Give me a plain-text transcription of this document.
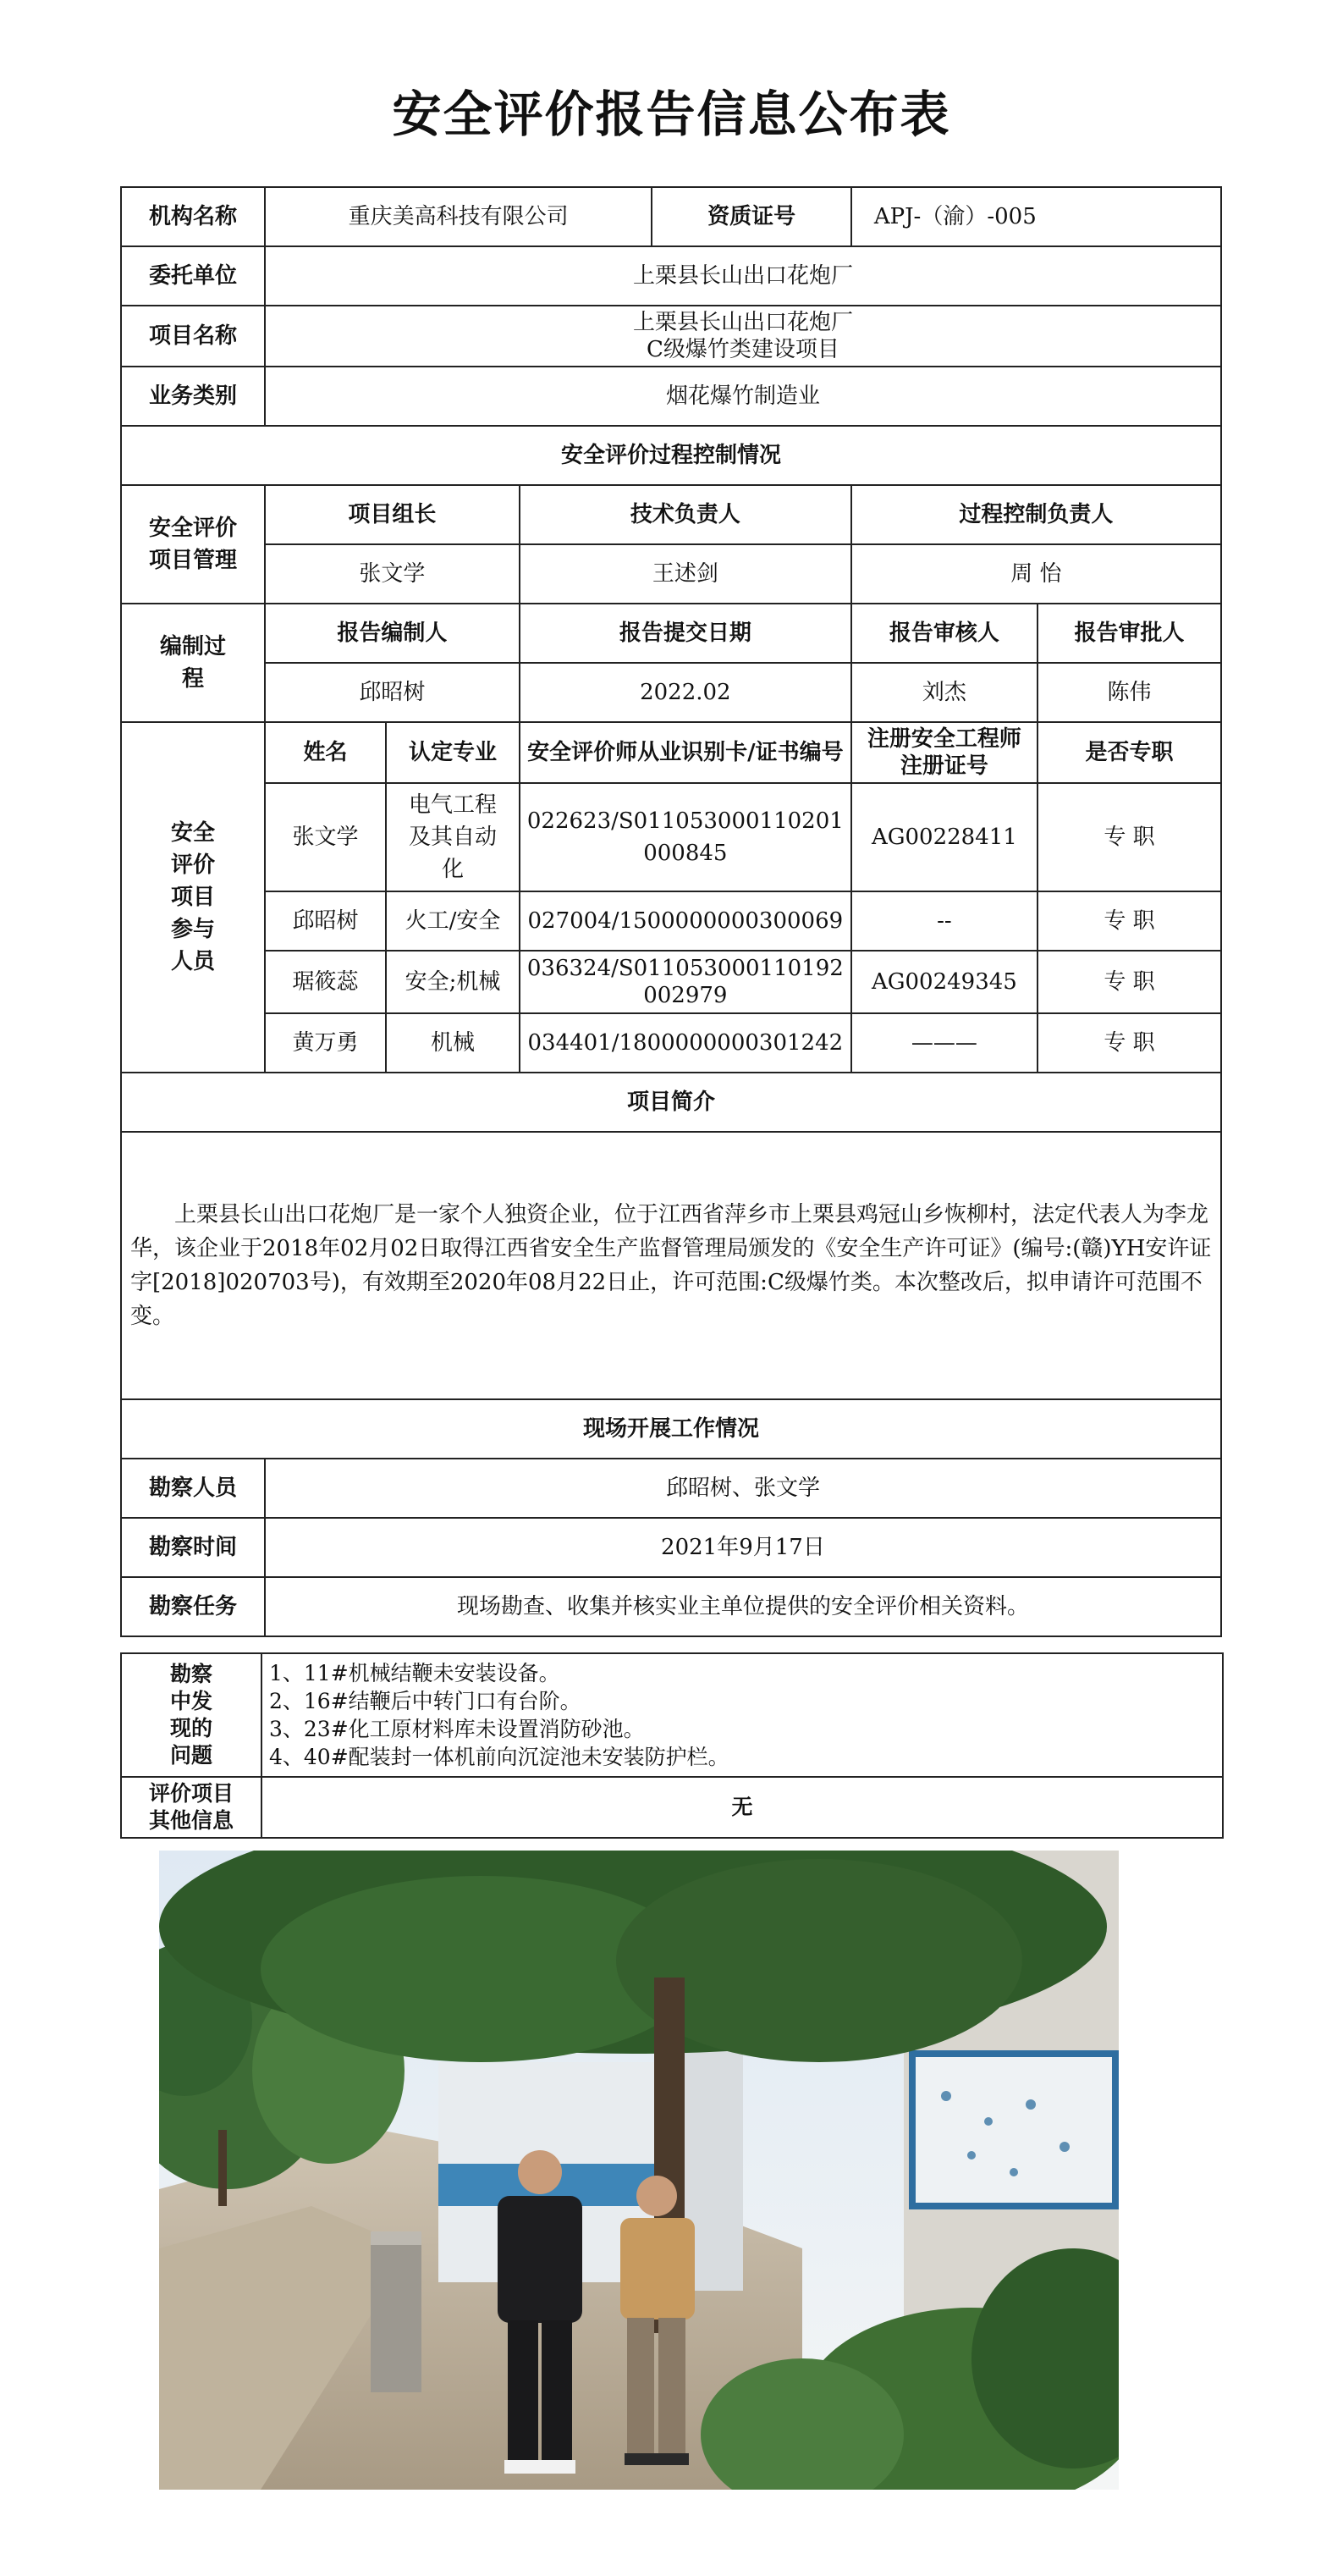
安全评价报告信息公布表
机构名称	重庆美高科技有限公司			资质证号	APJ-（渝）-005	
委托单位	上栗县长山出口花炮厂					
项目名称	上栗县长山出口花炮厂
C级爆竹类建设项目					

业务类别	烟花爆竹制造业					
安全评价过程控制情况						
安全评价项目管理	项目组长		技术负责人		过程控制负责人	
	张文学		王述剑		周 怡	
编制过程	报告编制人		报告提交日期		报告审核人	报告审批人
	邱昭树		2022.02		刘杰	陈伟
安全评价项目参与人员	姓名	认定专业	安全评价师从业识别卡/证书编号		注册安全工程师注册证号	是否专职
	张文学	电气工程及其自动化	022623/S011053000110201000845		AG00228411	专 职
	邱昭树	火工/安全	027004/1500000000300069		--	专 职
	琚筱蕊	安全;机械	036324/S011053000110192002979		AG00249345	专 职
	黄万勇	机械	034401/1800000000301242		———	专 职
项目简介						

上栗县长山出口花炮厂是一家个人独资企业，位于江西省萍乡市上栗县鸡冠山乡恢柳村，法定代表人为李龙华，该企业于2018年02月02日取得江西省安全生产监督管理局颁发的《安全生产许可证》(编号:(赣)YH安许证字[2018]020703号)，有效期至2020年08月22日止，许可范围:C级爆竹类。本次整改后，拟申请许可范围不变。						

现场开展工作情况						
勘察人员	邱昭树、张文学					
勘察时间	2021年9月17日					
勘察任务	现场勘查、收集并核实业主单位提供的安全评价相关资料。					
勘察中发现的问题	1、11#机械结鞭未安装设备。
2、16#结鞭后中转门口有台阶。
3、23#化工原材料库未设置消防砂池。
4、40#配装封一体机前向沉淀池未安装防护栏。

评价项目其他信息	无
